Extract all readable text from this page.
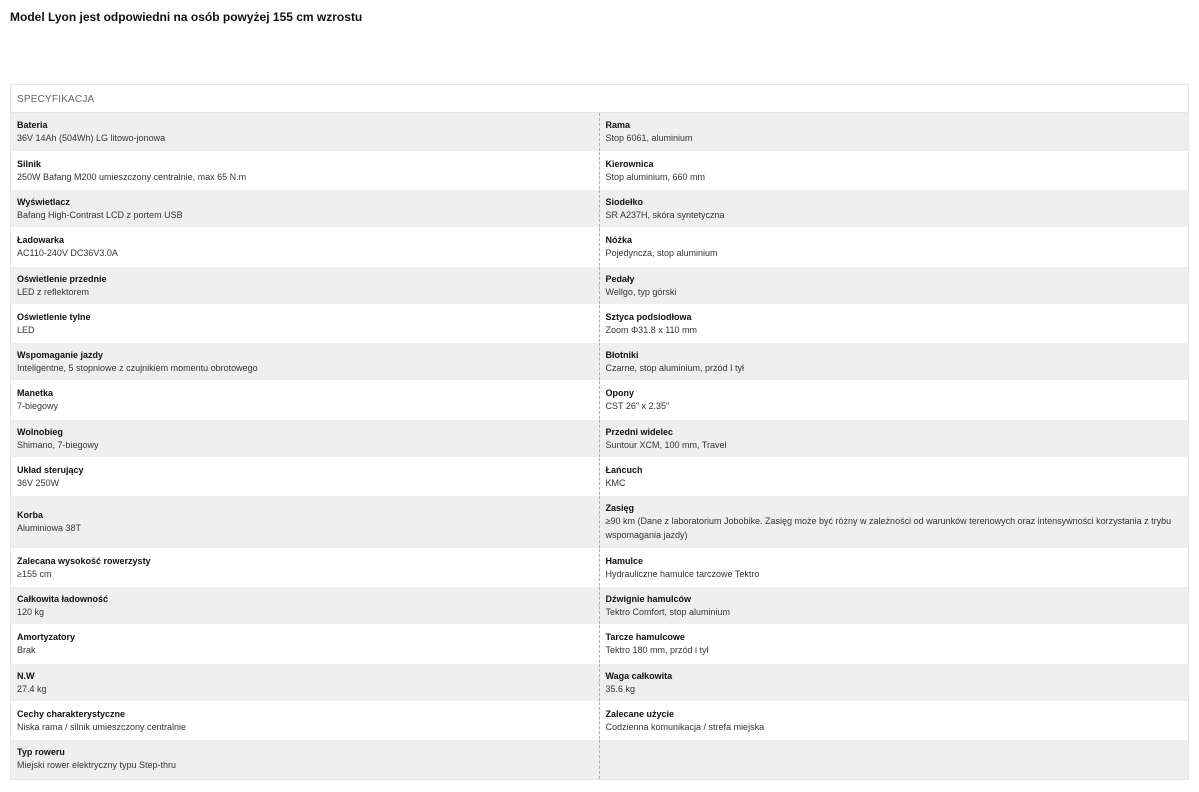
Model Lyon jest odpowiedni na osób powyżej 155 cm wzrostu
SPECYFIKACJA
Bateria
36V 14Ah (504Wh) LG litowo-jonowa
Rama
Stop 6061, aluminium
Silnik
250W Bafang M200 umieszczony centralnie, max 65 N.m
Kierownica
Stop aluminium, 660 mm
Wyświetlacz
Bafang High-Contrast LCD z portem USB
Siodełko
SR A237H, skóra syntetyczna
Ładowarka
AC110-240V DC36V3.0A
Nóżka
Pojedyncza, stop aluminium
Oświetlenie przednie
LED z reflektorem
Pedały
Wellgo, typ górski
Oświetlenie tylne
LED
Sztyca podsiodłowa
Zoom Φ31.8 x 110 mm
Wspomaganie jazdy
Inteligentne, 5 stopniowe z czujnikiem momentu obrotowego
Błotniki
Czarne, stop aluminium, przód I tył
Manetka
7-biegowy
Opony
CST 26" x 2.35"
Wolnobieg
Shimano, 7-biegowy
Przedni widelec
Suntour XCM, 100 mm, Travel
Układ sterujący
36V 250W
Łańcuch
KMC
Korba
Aluminiowa 38T
Zasięg
≥90 km (Dane z laboratorium Jobobike. Zasięg może być różny w zależności od warunków terenowych oraz intensywności korzystania z trybu wspomagania jazdy)
Zalecana wysokość rowerzysty
≥155 cm
Hamulce
Hydrauliczne hamulce tarczowe Tektro
Całkowita ładowność
120 kg
Dźwignie hamulców
Tektro Comfort, stop aluminium
Amortyzatory
Brak
Tarcze hamulcowe
Tektro 180 mm, przód i tył
N.W
27.4 kg
Waga całkowita
35.6 kg
Cechy charakterystyczne
Niska rama / silnik umieszczony centralnie
Zalecane użycie
Codzienna komunikacja / strefa miejska
Typ roweru
Miejski rower elektryczny typu Step-thru
